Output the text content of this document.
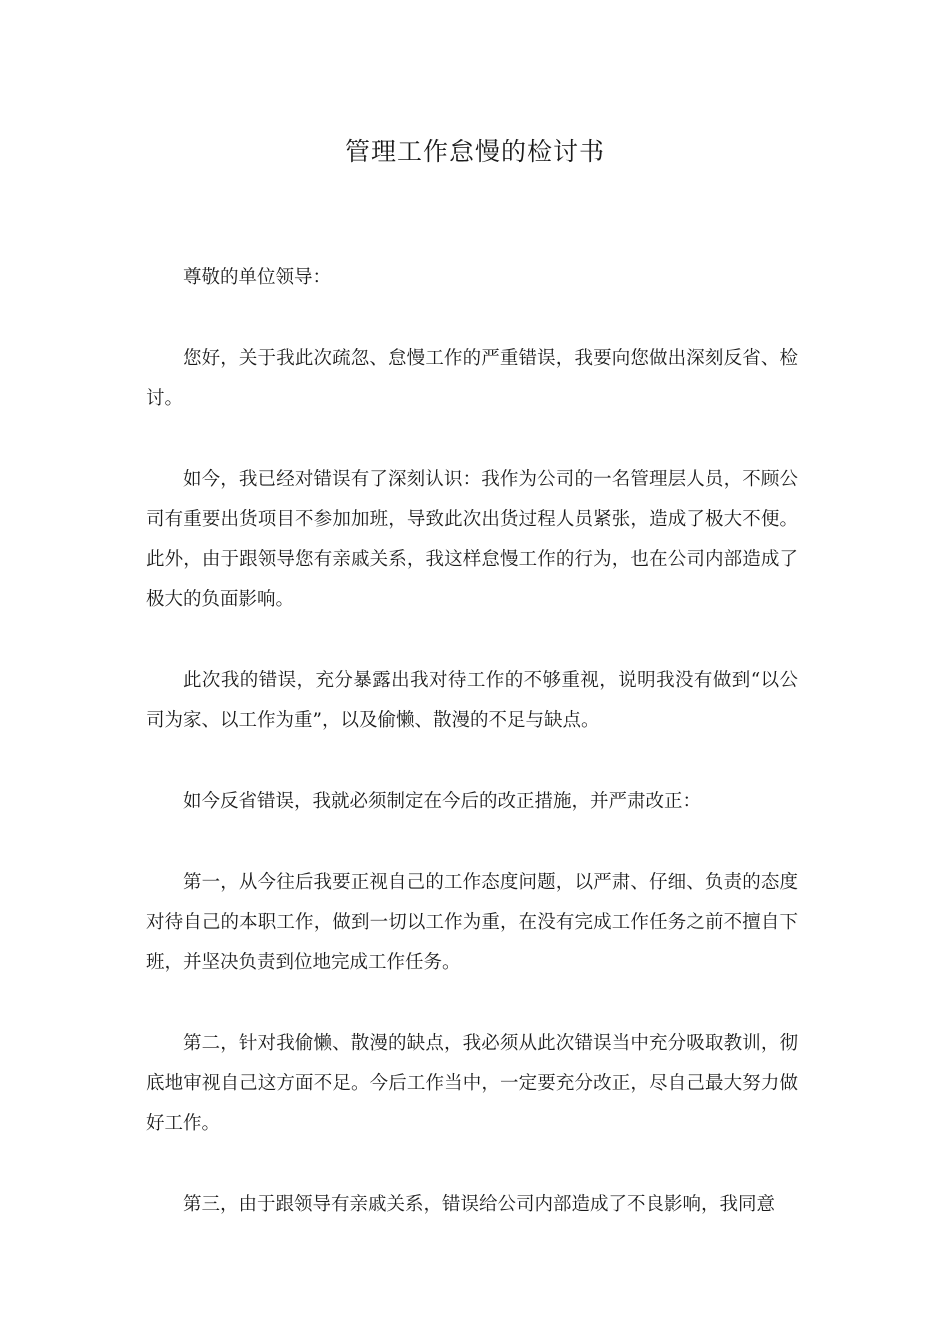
管理工作怠慢的检讨书

尊敬的单位领导：

您好，关于我此次疏忽、怠慢工作的严重错误，我要向您做出深刻反省、检讨。

如今，我已经对错误有了深刻认识：我作为公司的一名管理层人员，不顾公司有重要出货项目不参加加班，导致此次出货过程人员紧张，造成了极大不便。此外，由于跟领导您有亲戚关系，我这样怠慢工作的行为，也在公司内部造成了极大的负面影响。

此次我的错误，充分暴露出我对待工作的不够重视，说明我没有做到“以公司为家、以工作为重”，以及偷懒、散漫的不足与缺点。

如今反省错误，我就必须制定在今后的改正措施，并严肃改正：

第一，从今往后我要正视自己的工作态度问题，以严肃、仔细、负责的态度对待自己的本职工作，做到一切以工作为重，在没有完成工作任务之前不擅自下班，并坚决负责到位地完成工作任务。

第二，针对我偷懒、散漫的缺点，我必须从此次错误当中充分吸取教训，彻底地审视自己这方面不足。今后工作当中，一定要充分改正，尽自己最大努力做好工作。

第三，由于跟领导有亲戚关系，错误给公司内部造成了不良影响，我同意
